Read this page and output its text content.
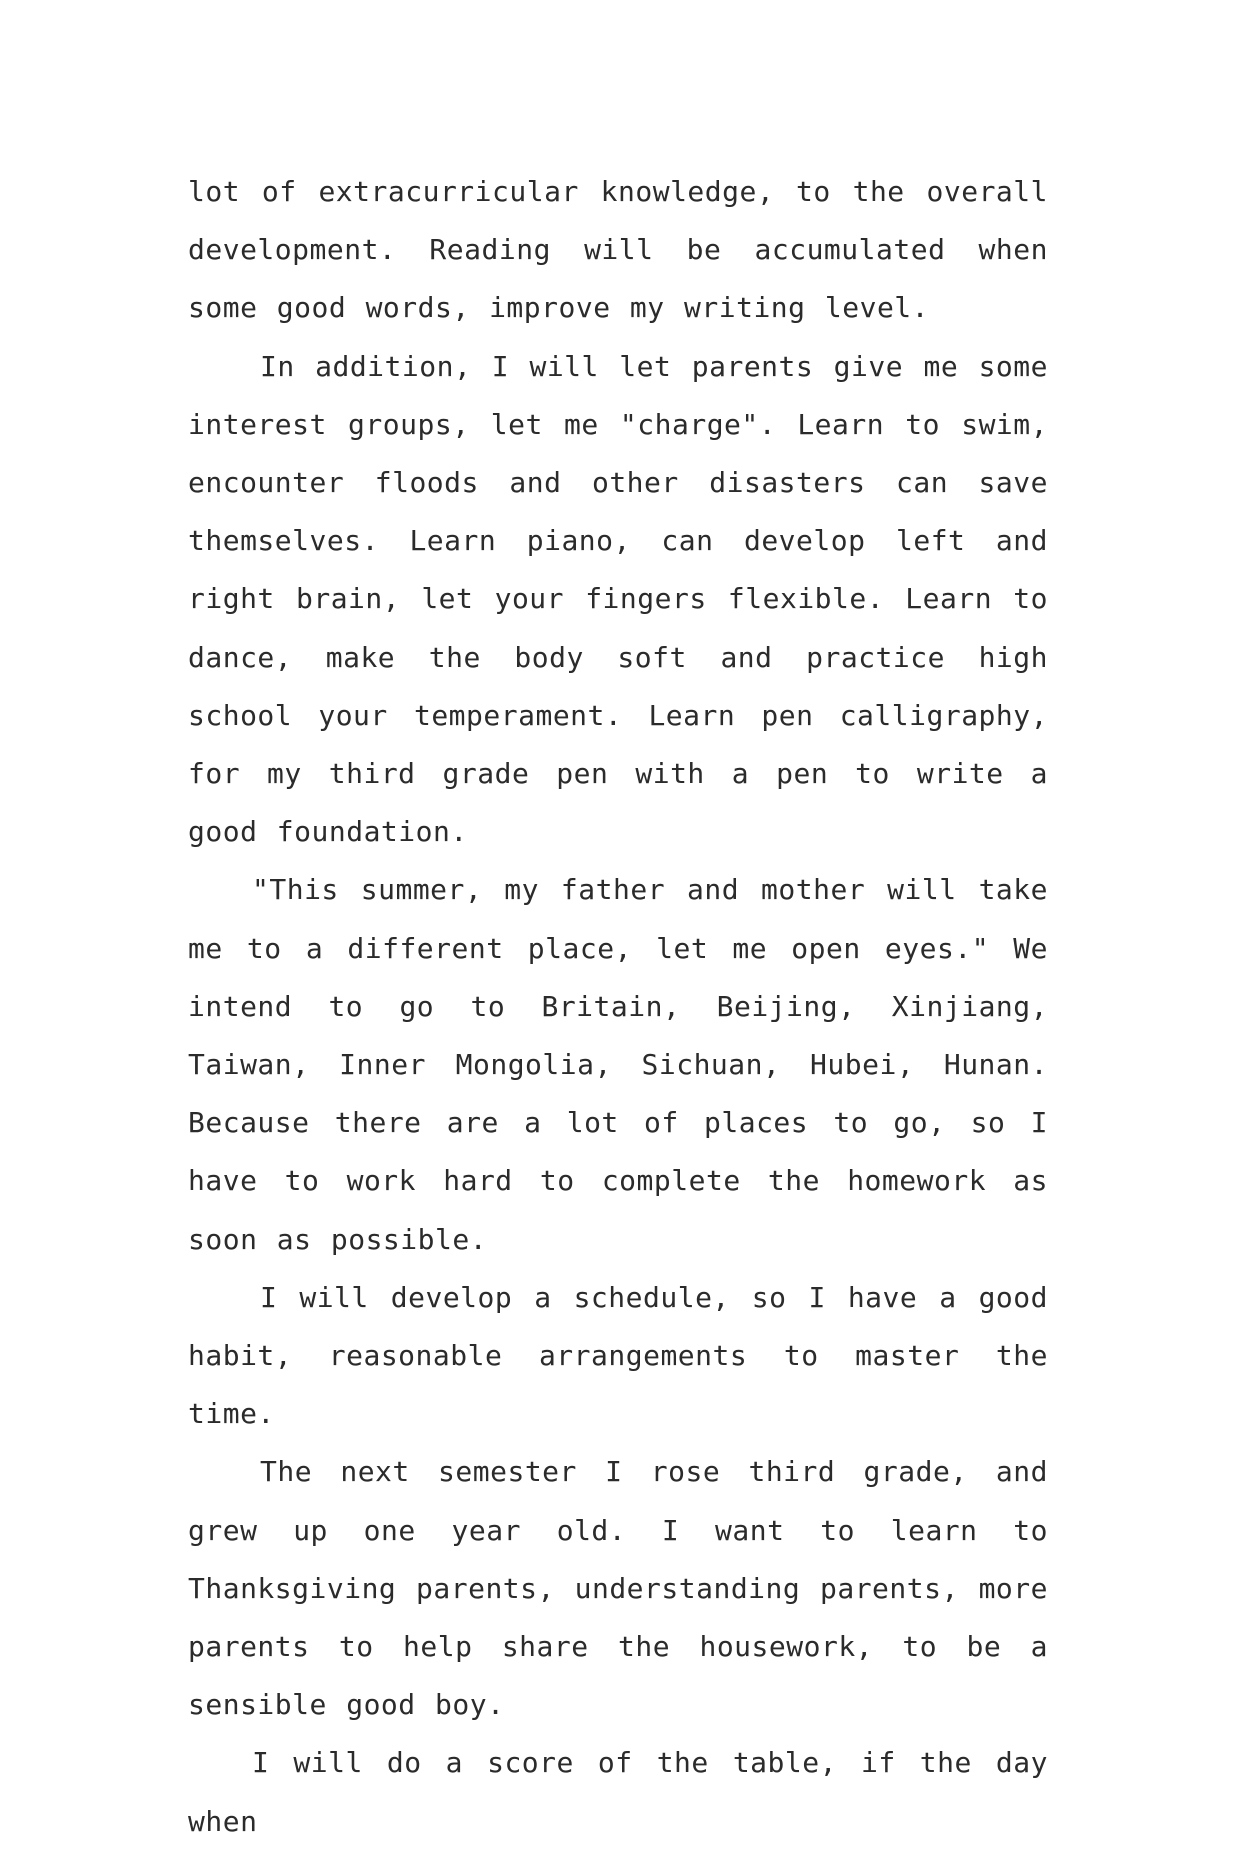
lot of extracurricular knowledge, to the overall development. Reading will be accumulated when some good words, improve my writing level.

In addition, I will let parents give me some interest groups, let me "charge". Learn to swim, encounter floods and other disasters can save themselves. Learn piano, can develop left and right brain, let your fingers flexible. Learn to dance, make the body soft and practice high school your temperament. Learn pen calligraphy, for my third grade pen with a pen to write a good foundation.

"This summer, my father and mother will take me to a different place, let me open eyes." We intend to go to Britain, Beijing, Xinjiang, Taiwan, Inner Mongolia, Sichuan, Hubei, Hunan. Because there are a lot of places to go, so I have to work hard to complete the homework as soon as possible.

I will develop a schedule, so I have a good habit, reasonable arrangements to master the time.

The next semester I rose third grade, and grew up one year old. I want to learn to Thanksgiving parents, understanding parents, more parents to help share the housework, to be a sensible good boy.

I will do a score of the table, if the day when
